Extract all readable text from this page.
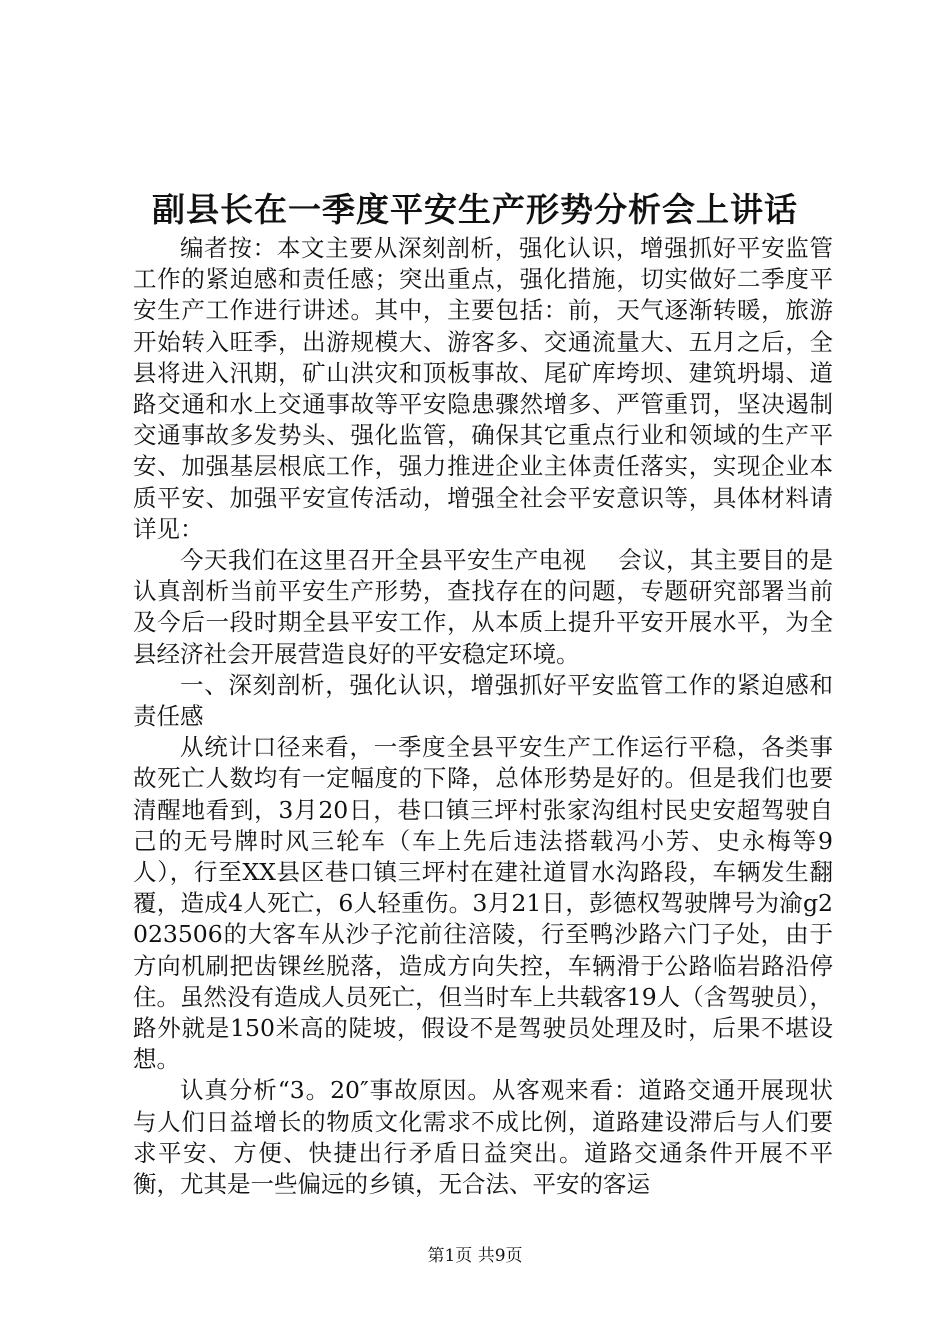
副县长在一季度平安生产形势分析会上讲话

编者按：本文主要从深刻剖析，强化认识，增强抓好平安监管工作的紧迫感和责任感；突出重点，强化措施，切实做好二季度平安生产工作进行讲述。其中，主要包括：前，天气逐渐转暖，旅游开始转入旺季，出游规模大、游客多、交通流量大、五月之后，全县将进入汛期，矿山洪灾和顶板事故、尾矿库垮坝、建筑坍塌、道路交通和水上交通事故等平安隐患骤然增多、严管重罚，坚决遏制交通事故多发势头、强化监管，确保其它重点行业和领域的生产平安、加强基层根底工作，强力推进企业主体责任落实，实现企业本质平安、加强平安宣传活动，增强全社会平安意识等，具体材料请详见：

今天我们在这里召开全县平安生产电视　 会议，其主要目的是认真剖析当前平安生产形势，查找存在的问题，专题研究部署当前及今后一段时期全县平安工作，从本质上提升平安开展水平，为全县经济社会开展营造良好的平安稳定环境。

一、深刻剖析，强化认识，增强抓好平安监管工作的紧迫感和责任感

从统计口径来看，一季度全县平安生产工作运行平稳，各类事故死亡人数均有一定幅度的下降，总体形势是好的。但是我们也要清醒地看到，3月20日，巷口镇三坪村张家沟组村民史安超驾驶自己的无号牌时风三轮车（车上先后违法搭载冯小芳、史永梅等9人），行至XX县区巷口镇三坪村在建社道冒水沟路段，车辆发生翻覆，造成4人死亡，6人轻重伤。3月21日，彭德权驾驶牌号为渝g2023506的大客车从沙子沱前往涪陵，行至鸭沙路六门子处，由于方向机刷把齿锞丝脱落，造成方向失控，车辆滑于公路临岩路沿停住。虽然没有造成人员死亡，但当时车上共载客19人（含驾驶员），路外就是150米高的陡坡，假设不是驾驶员处理及时，后果不堪设想。

认真分析“3。20″事故原因。从客观来看：道路交通开展现状与人们日益增长的物质文化需求不成比例，道路建设滞后与人们要求平安、方便、快捷出行矛盾日益突出。道路交通条件开展不平衡，尤其是一些偏远的乡镇，无合法、平安的客运

第1页 共9页
